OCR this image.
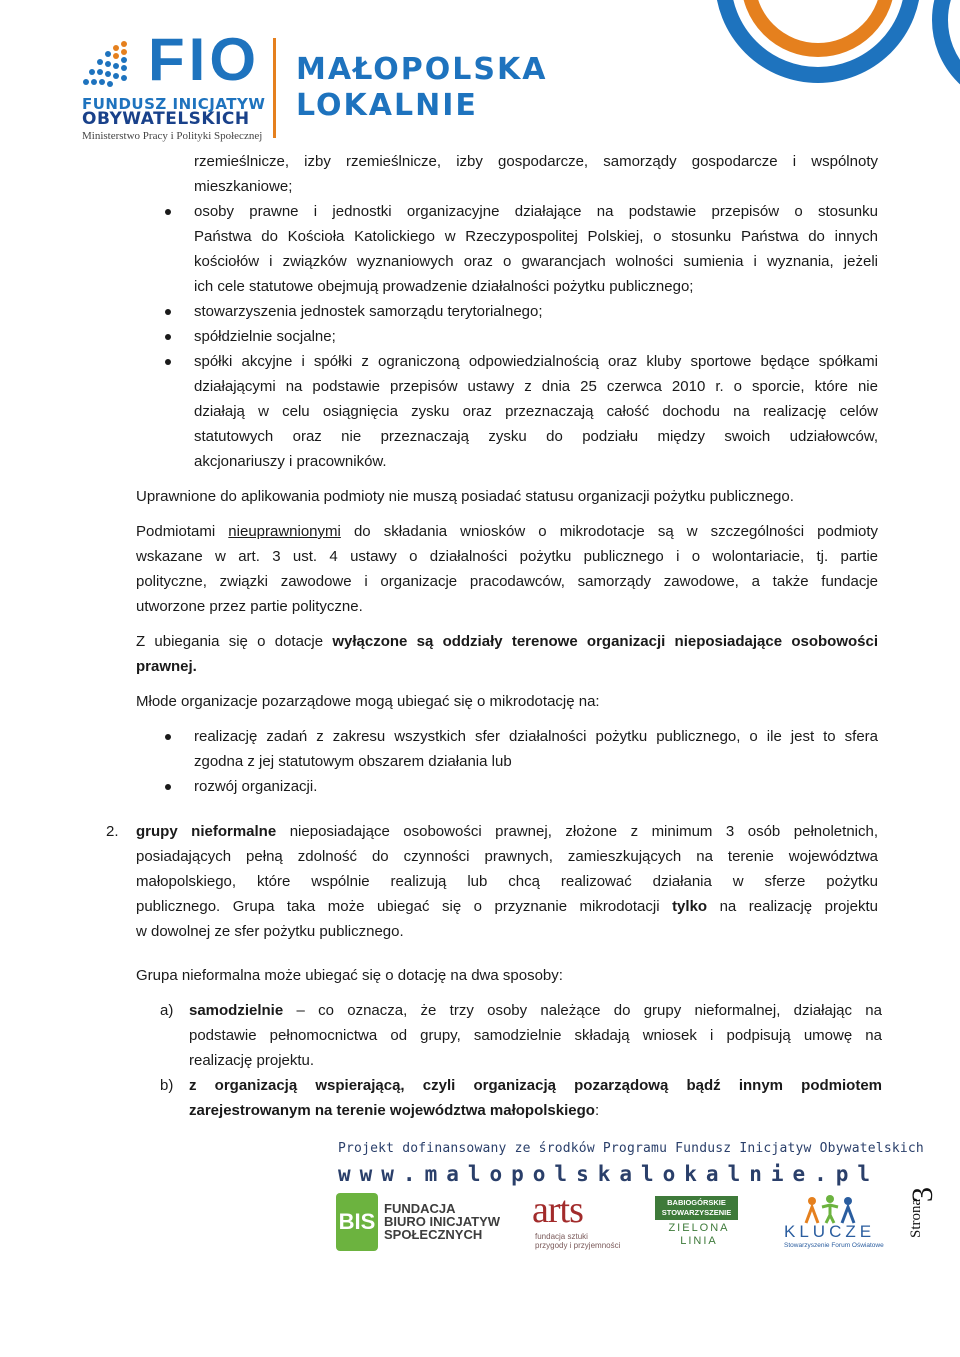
FIO
FUNDUSZ INICJATYW
OBYWATELSKICH
Ministerstwo Pracy i Polityki Społecznej
MAŁOPOLSKA
LOKALNIE
rzemieślnicze, izby rzemieślnicze, izby gospodarcze, samorządy gospodarcze i wspólnoty
mieszkaniowe;
osoby prawne i jednostki organizacyjne działające na podstawie przepisów o stosunku
Państwa do Kościoła Katolickiego w Rzeczypospolitej Polskiej, o stosunku Państwa do innych
kościołów i związków wyznaniowych oraz o gwarancjach wolności sumienia i wyznania, jeżeli
ich cele statutowe obejmują prowadzenie działalności pożytku publicznego;
stowarzyszenia jednostek samorządu terytorialnego;
spółdzielnie socjalne;
spółki akcyjne i spółki z ograniczoną odpowiedzialnością oraz kluby sportowe będące spółkami
działającymi na podstawie przepisów ustawy z dnia 25 czerwca 2010 r. o sporcie, które nie
działają w celu osiągnięcia zysku oraz przeznaczają całość dochodu na realizację celów
statutowych oraz nie przeznaczają zysku do podziału między swoich udziałowców,
akcjonariuszy i pracowników.
Uprawnione do aplikowania podmioty nie muszą posiadać statusu organizacji pożytku publicznego.
Podmiotami nieuprawnionymi do składania wniosków o mikrodotacje są w szczególności podmioty
wskazane w art. 3 ust. 4 ustawy o działalności pożytku publicznego i o wolontariacie, tj. partie
polityczne, związki zawodowe i organizacje pracodawców, samorządy zawodowe, a także fundacje
utworzone przez partie polityczne.
Z ubiegania się o dotacje wyłączone są oddziały terenowe organizacji nieposiadające osobowości
prawnej.
Młode organizacje pozarządowe mogą ubiegać się o mikrodotację na:
realizację zadań z zakresu wszystkich sfer działalności pożytku publicznego, o ile jest to sfera
zgodna z jej statutowym obszarem działania lub
rozwój organizacji.
2. grupy nieformalne nieposiadające osobowości prawnej, złożone z minimum 3 osób pełnoletnich,
posiadających pełną zdolność do czynności prawnych, zamieszkujących na terenie województwa
małopolskiego, które wspólnie realizują lub chcą realizować działania w sferze pożytku
publicznego. Grupa taka może ubiegać się o przyznanie mikrodotacji tylko na realizację projektu
w dowolnej ze sfer pożytku publicznego.
Grupa nieformalna może ubiegać się o dotację na dwa sposoby:
a) samodzielnie – co oznacza, że trzy osoby należące do grupy nieformalnej, działając na
podstawie pełnomocnictwa od grupy, samodzielnie składają wniosek i podpisują umowę na
realizację projektu.
b) z organizacją wspierającą, czyli organizacją pozarządową bądź innym podmiotem
zarejestrowanym na terenie województwa małopolskiego:
Projekt dofinansowany ze środków Programu Fundusz Inicjatyw Obywatelskich
www.malopolskalokalnie.pl
BIS
FUNDACJA
BIURO INICJATYW
SPOŁECZNYCH
arts
fundacja sztuki
przygody i przyjemności
BABIOGÓRSKIE
STOWARZYSZENIE
ZIELONA
LINIA	KLUCZE
Stowarzyszenie Forum Oświatowe
Strona
3
